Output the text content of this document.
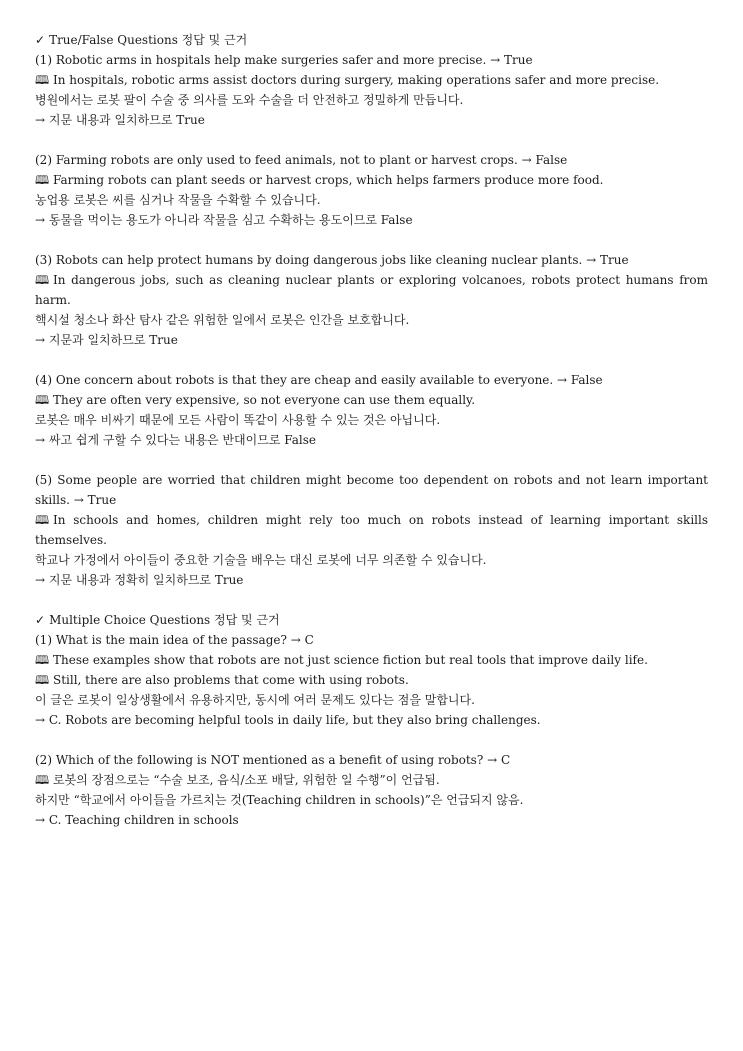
✓ True/False Questions 정답 및 근거

(1) Robotic arms in hospitals help make surgeries safer and more precise. → True

🕮 In hospitals, robotic arms assist doctors during surgery, making operations safer and more precise.

병원에서는 로봇 팔이 수술 중 의사를 도와 수술을 더 안전하고 정밀하게 만듭니다.

→ 지문 내용과 일치하므로 True

(2) Farming robots are only used to feed animals, not to plant or harvest crops. → False

🕮 Farming robots can plant seeds or harvest crops, which helps farmers produce more food.

농업용 로봇은 씨를 심거나 작물을 수확할 수 있습니다.

→ 동물을 먹이는 용도가 아니라 작물을 심고 수확하는 용도이므로 False

(3) Robots can help protect humans by doing dangerous jobs like cleaning nuclear plants. → True

🕮 In dangerous jobs, such as cleaning nuclear plants or exploring volcanoes, robots protect humans from harm.

핵시설 청소나 화산 탐사 같은 위험한 일에서 로봇은 인간을 보호합니다.

→ 지문과 일치하므로 True

(4) One concern about robots is that they are cheap and easily available to everyone. → False

🕮 They are often very expensive, so not everyone can use them equally.

로봇은 매우 비싸기 때문에 모든 사람이 똑같이 사용할 수 있는 것은 아닙니다.

→ 싸고 쉽게 구할 수 있다는 내용은 반대이므로 False

(5) Some people are worried that children might become too dependent on robots and not learn important skills. → True

🕮 In schools and homes, children might rely too much on robots instead of learning important skills themselves.

학교나 가정에서 아이들이 중요한 기술을 배우는 대신 로봇에 너무 의존할 수 있습니다.

→ 지문 내용과 정확히 일치하므로 True

✓ Multiple Choice Questions 정답 및 근거

(1) What is the main idea of the passage? → C

🕮 These examples show that robots are not just science fiction but real tools that improve daily life.

🕮 Still, there are also problems that come with using robots.

이 글은 로봇이 일상생활에서 유용하지만, 동시에 여러 문제도 있다는 점을 말합니다.

→ C. Robots are becoming helpful tools in daily life, but they also bring challenges.

(2) Which of the following is NOT mentioned as a benefit of using robots? → C

🕮 로봇의 장점으로는 “수술 보조, 음식/소포 배달, 위험한 일 수행”이 언급됨.

하지만 “학교에서 아이들을 가르치는 것(Teaching children in schools)”은 언급되지 않음.

→ C. Teaching children in schools
